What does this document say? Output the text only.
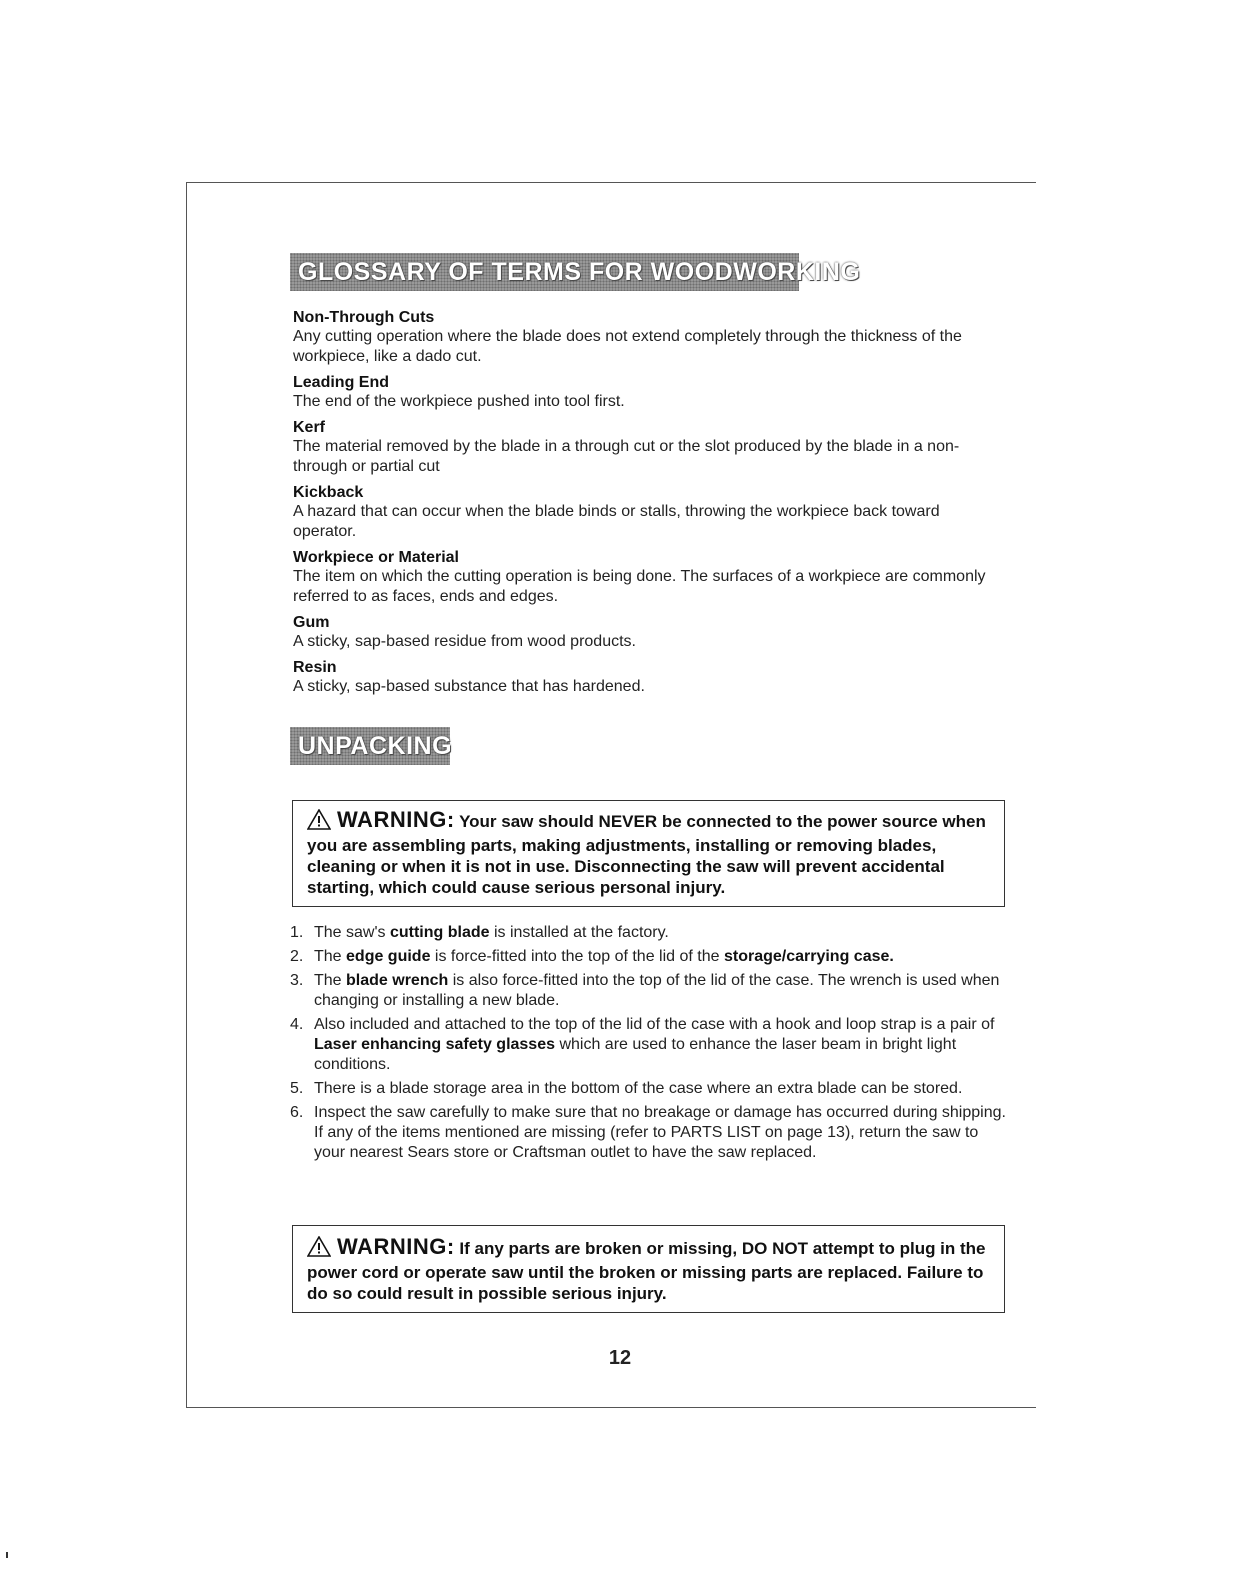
GLOSSARY OF TERMS FOR WOODWORKING
Non-Through Cuts
Any cutting operation where the blade does not extend completely through the thickness of the workpiece, like a dado cut.
Leading End
The end of the workpiece pushed into tool first.
Kerf
The material removed by the blade in a through cut or the slot produced by the blade in a non-through or partial cut
Kickback
A hazard that can occur when the blade binds or stalls, throwing the workpiece back toward operator.
Workpiece or Material
The item on which the cutting operation is being done. The surfaces of a workpiece are commonly referred to as faces, ends and edges.
Gum
A sticky, sap-based residue from wood products.
Resin
A sticky, sap-based substance that has hardened.
UNPACKING
WARNING: Your saw should NEVER be connected to the power source when you are assembling parts, making adjustments, installing or removing blades, cleaning or when it is not in use. Disconnecting the saw will prevent accidental starting, which could cause serious personal injury.
1. The saw's cutting blade is installed at the factory.
2. The edge guide is force-fitted into the top of the lid of the storage/carrying case.
3. The blade wrench is also force-fitted into the top of the lid of the case. The wrench is used when changing or installing a new blade.
4. Also included and attached to the top of the lid of the case with a hook and loop strap is a pair of Laser enhancing safety glasses which are used to enhance the laser beam in bright light conditions.
5. There is a blade storage area in the bottom of the case where an extra blade can be stored.
6. Inspect the saw carefully to make sure that no breakage or damage has occurred during shipping. If any of the items mentioned are missing (refer to PARTS LIST on page 13), return the saw to your nearest Sears store or Craftsman outlet to have the saw replaced.
WARNING: If any parts are broken or missing, DO NOT attempt to plug in the power cord or operate saw until the broken or missing parts are replaced. Failure to do so could result in possible serious injury.
12
